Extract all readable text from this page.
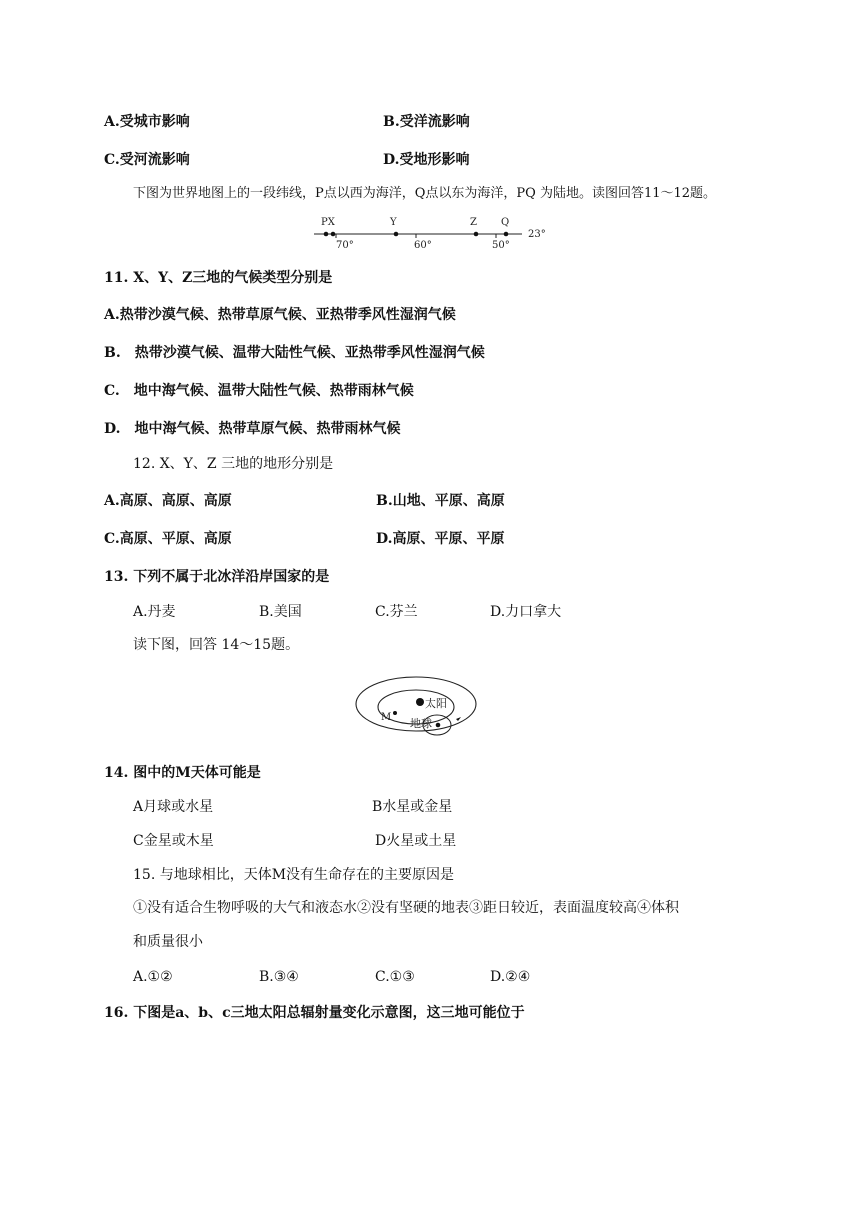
A.受城市影响	B.受洋流影响
C.受河流影响	D.受地形影响
下图为世界地图上的一段纬线，P点以西为海洋，Q点以东为海洋，PQ 为陆地。读图回答11～12题。
PX	Y	Z Q
70°	60°	50°
23°
11. X、Y、Z三地的气候类型分别是
A.热带沙漠气候、热带草原气候、亚热带季风性湿润气候
B.　热带沙漠气候、温带大陆性气候、亚热带季风性湿润气候
C.　地中海气候、温带大陆性气候、热带雨林气候
D.　地中海气候、热带草原气候、热带雨林气候
12. X、Y、Z 三地的地形分别是
A.高原、高原、高原	B.山地、平原、高原
C.高原、平原、高原	D.高原、平原、平原
13. 下列不属于北冰洋沿岸国家的是
A.丹麦	B.美国	C.芬兰	D.力口拿大
读下图，回答 14～15题。
太阳
M 地球
14. 图中的M天体可能是
A月球或水星	B水星或金星
C金星或木星	D火星或土星
15. 与地球相比，天体M没有生命存在的主要原因是
①没有适合生物呼吸的大气和液态水②没有坚硬的地表③距日较近，表面温度较高④体积
和质量很小
A.①②	B.③④	C.①③	D.②④
16. 下图是a、b、c三地太阳总辐射量变化示意图，这三地可能位于
